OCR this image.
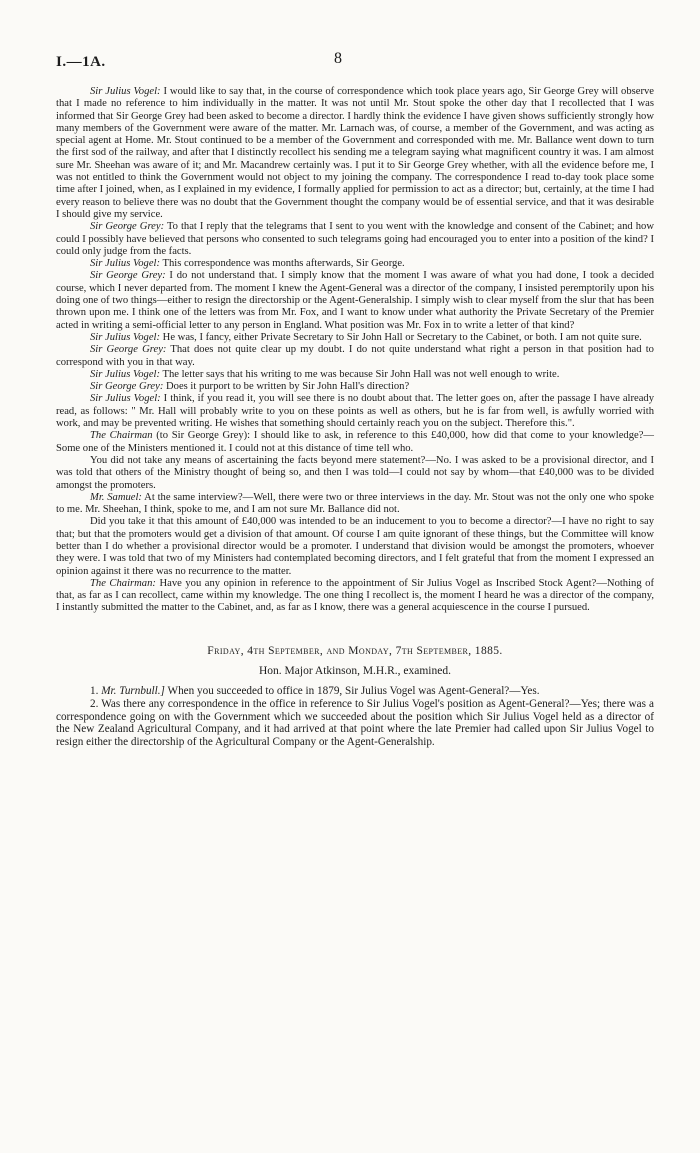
I.—1A.	8

Sir Julius Vogel: I would like to say that, in the course of correspondence which took place years ago, Sir George Grey will observe that I made no reference to him individually in the matter. It was not until Mr. Stout spoke the other day that I recollected that I was informed that Sir George Grey had been asked to become a director. I hardly think the evidence I have given shows sufficiently strongly how many members of the Government were aware of the matter. Mr. Larnach was, of course, a member of the Government, and was acting as special agent at Home. Mr. Stout continued to be a member of the Government and corresponded with me. Mr. Ballance went down to turn the first sod of the railway, and after that I distinctly recollect his sending me a telegram saying what magnificent country it was. I am almost sure Mr. Sheehan was aware of it; and Mr. Macandrew certainly was. I put it to Sir George Grey whether, with all the evidence before me, I was not entitled to think the Government would not object to my joining the company. The correspondence I read to-day took place some time after I joined, when, as I explained in my evidence, I formally applied for permission to act as a director; but, certainly, at the time I had every reason to believe there was no doubt that the Government thought the company would be of essential service, and that it was desirable I should give my service.

Sir George Grey: To that I reply that the telegrams that I sent to you went with the knowledge and consent of the Cabinet; and how could I possibly have believed that persons who consented to such telegrams going had encouraged you to enter into a position of the kind? I could only judge from the facts.

Sir Julius Vogel: This correspondence was months afterwards, Sir George.

Sir George Grey: I do not understand that. I simply know that the moment I was aware of what you had done, I took a decided course, which I never departed from. The moment I knew the Agent-General was a director of the company, I insisted peremptorily upon his doing one of two things—either to resign the directorship or the Agent-Generalship. I simply wish to clear myself from the slur that has been thrown upon me. I think one of the letters was from Mr. Fox, and I want to know under what authority the Private Secretary of the Premier acted in writing a semi-official letter to any person in England. What position was Mr. Fox in to write a letter of that kind?

Sir Julius Vogel: He was, I fancy, either Private Secretary to Sir John Hall or Secretary to the Cabinet, or both. I am not quite sure.

Sir George Grey: That does not quite clear up my doubt. I do not quite understand what right a person in that position had to correspond with you in that way.

Sir Julius Vogel: The letter says that his writing to me was because Sir John Hall was not well enough to write.

Sir George Grey: Does it purport to be written by Sir John Hall's direction?

Sir Julius Vogel: I think, if you read it, you will see there is no doubt about that. The letter goes on, after the passage I have already read, as follows: " Mr. Hall will probably write to you on these points as well as others, but he is far from well, is awfully worried with work, and may be prevented writing. He wishes that something should certainly reach you on the subject. Therefore this.".

The Chairman (to Sir George Grey): I should like to ask, in reference to this £40,000, how did that come to your knowledge?—Some one of the Ministers mentioned it. I could not at this distance of time tell who.

You did not take any means of ascertaining the facts beyond mere statement?—No. I was asked to be a provisional director, and I was told that others of the Ministry thought of being so, and then I was told—I could not say by whom—that £40,000 was to be divided amongst the promoters.

Mr. Samuel: At the same interview?—Well, there were two or three interviews in the day. Mr. Stout was not the only one who spoke to me. Mr. Sheehan, I think, spoke to me, and I am not sure Mr. Ballance did not.

Did you take it that this amount of £40,000 was intended to be an inducement to you to become a director?—I have no right to say that; but that the promoters would get a division of that amount. Of course I am quite ignorant of these things, but the Committee will know better than I do whether a provisional director would be a promoter. I understand that division would be amongst the promoters, whoever they were. I was told that two of my Ministers had contemplated becoming directors, and I felt grateful that from the moment I expressed an opinion against it there was no recurrence to the matter.

The Chairman: Have you any opinion in reference to the appointment of Sir Julius Vogel as Inscribed Stock Agent?—Nothing of that, as far as I can recollect, came within my knowledge. The one thing I recollect is, the moment I heard he was a director of the company, I instantly submitted the matter to the Cabinet, and, as far as I know, there was a general acquiescence in the course I pursued.

Friday, 4th September, and Monday, 7th September, 1885.
Hon. Major Atkinson, M.H.R., examined.

1. Mr. Turnbull.] When you succeeded to office in 1879, Sir Julius Vogel was Agent-General?—Yes.

2. Was there any correspondence in the office in reference to Sir Julius Vogel's position as Agent-General?—Yes; there was a correspondence going on with the Government which we succeeded about the position which Sir Julius Vogel held as a director of the New Zealand Agricultural Company, and it had arrived at that point where the late Premier had called upon Sir Julius Vogel to resign either the directorship of the Agricultural Company or the Agent-Generalship.
